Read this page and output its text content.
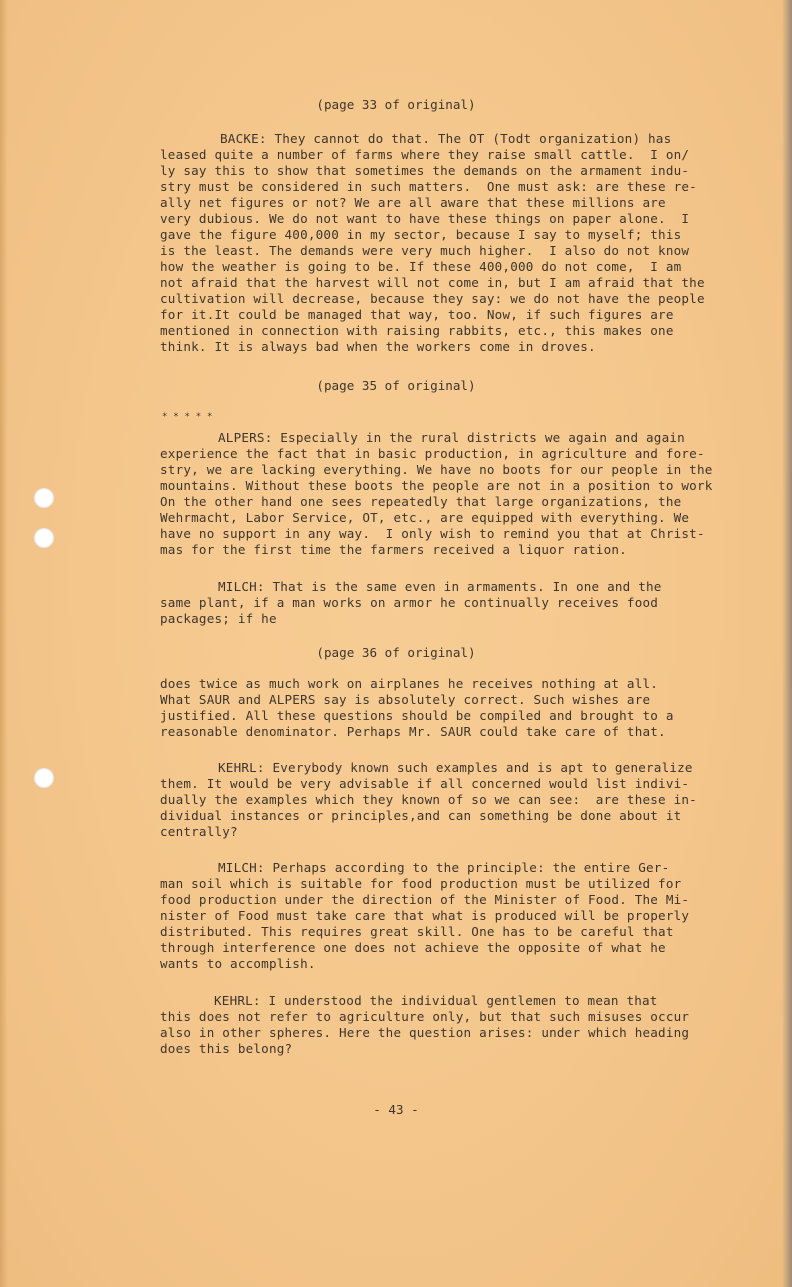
(page 33 of original)
BACKE: They cannot do that. The OT (Todt organization) has
leased quite a number of farms where they raise small cattle.  I on/
ly say this to show that sometimes the demands on the armament indu-
stry must be considered in such matters.  One must ask: are these re-
ally net figures or not? We are all aware that these millions are
very dubious. We do not want to have these things on paper alone.  I
gave the figure 400,000 in my sector, because I say to myself; this
is the least. The demands were very much higher.  I also do not know
how the weather is going to be. If these 400,000 do not come,  I am
not afraid that the harvest will not come in, but I am afraid that the
cultivation will decrease, because they say: we do not have the people
for it.It could be managed that way, too. Now, if such figures are
mentioned in connection with raising rabbits, etc., this makes one
think. It is always bad when the workers come in droves.
(page 35 of original)
* * * * *
ALPERS: Especially in the rural districts we again and again
experience the fact that in basic production, in agriculture and fore-
stry, we are lacking everything. We have no boots for our people in the
mountains. Without these boots the people are not in a position to work
On the other hand one sees repeatedly that large organizations, the
Wehrmacht, Labor Service, OT, etc., are equipped with everything. We
have no support in any way.  I only wish to remind you that at Christ-
mas for the first time the farmers received a liquor ration.
MILCH: That is the same even in armaments. In one and the
same plant, if a man works on armor he continually receives food
packages; if he
(page 36 of original)
does twice as much work on airplanes he receives nothing at all.
What SAUR and ALPERS say is absolutely correct. Such wishes are
justified. All these questions should be compiled and brought to a
reasonable denominator. Perhaps Mr. SAUR could take care of that.
KEHRL: Everybody known such examples and is apt to generalize
them. It would be very advisable if all concerned would list indivi-
dually the examples which they known of so we can see:  are these in-
dividual instances or principles,and can something be done about it
centrally?
MILCH: Perhaps according to the principle: the entire Ger-
man soil which is suitable for food production must be utilized for
food production under the direction of the Minister of Food. The Mi-
nister of Food must take care that what is produced will be properly
distributed. This requires great skill. One has to be careful that
through interference one does not achieve the opposite of what he
wants to accomplish.
KEHRL: I understood the individual gentlemen to mean that
this does not refer to agriculture only, but that such misuses occur
also in other spheres. Here the question arises: under which heading
does this belong?
- 43 -
